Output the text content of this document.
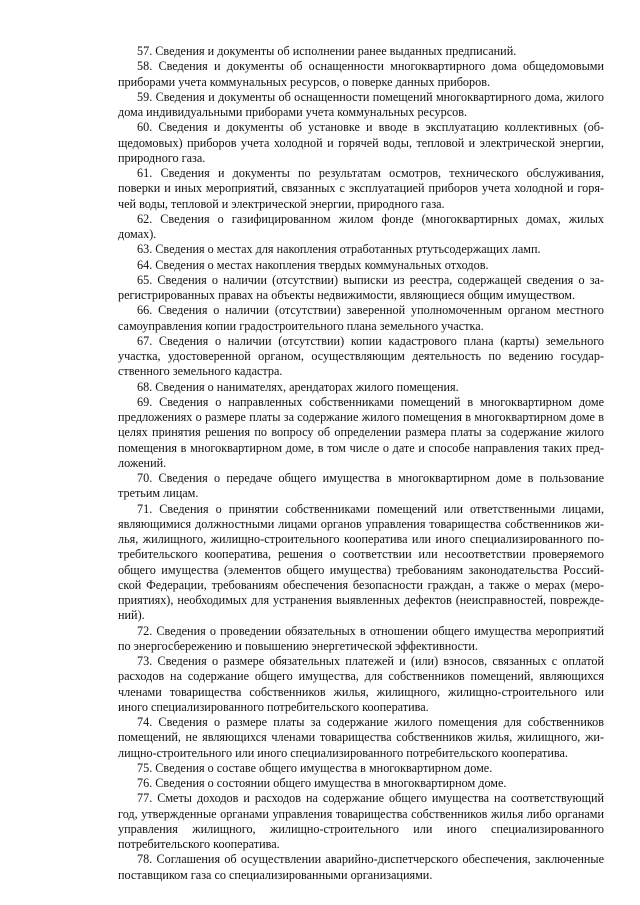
57. Сведения и документы об исполнении ранее выданных предписаний.

58. Сведения и документы об оснащенности многоквартирного дома общедомовыми приборами учета коммунальных ресурсов, о поверке данных приборов.

59. Сведения и документы об оснащенности помещений многоквартирного дома, жилого дома индивидуальными приборами учета коммунальных ресурсов.

60. Сведения и документы об установке и вводе в эксплуатацию коллективных (общедомовых) приборов учета холодной и горячей воды, тепловой и электрической энергии, природного газа.

61. Сведения и документы по результатам осмотров, технического обслуживания, поверки и иных мероприятий, связанных с эксплуатацией приборов учета холодной и горячей воды, тепловой и электрической энергии, природного газа.

62. Сведения о газифицированном жилом фонде (многоквартирных домах, жилых домах).

63. Сведения о местах для накопления отработанных ртутьсодержащих ламп.

64. Сведения о местах накопления твердых коммунальных отходов.

65. Сведения о наличии (отсутствии) выписки из реестра, содержащей сведения о зарегистрированных правах на объекты недвижимости, являющиеся общим имуществом.

66. Сведения о наличии (отсутствии) заверенной уполномоченным органом местного самоуправления копии градостроительного плана земельного участка.

67. Сведения о наличии (отсутствии) копии кадастрового плана (карты) земельного участка, удостоверенной органом, осуществляющим деятельность по ведению государственного земельного кадастра.

68. Сведения о нанимателях, арендаторах жилого помещения.

69. Сведения о направленных собственниками помещений в многоквартирном доме предложениях о размере платы за содержание жилого помещения в многоквартирном доме в целях принятия решения по вопросу об определении размера платы за содержание жилого помещения в многоквартирном доме, в том числе о дате и способе направления таких предложений.

70. Сведения о передаче общего имущества в многоквартирном доме в пользование третьим лицам.

71. Сведения о принятии собственниками помещений или ответственными лицами, являющимися должностными лицами органов управления товарищества собственников жилья, жилищного, жилищно-строительного кооператива или иного специализированного потребительского кооператива, решения о соответствии или несоответствии проверяемого общего имущества (элементов общего имущества) требованиям законодательства Российской Федерации, требованиям обеспечения безопасности граждан, а также о мерах (мероприятиях), необходимых для устранения выявленных дефектов (неисправностей, повреждений).

72. Сведения о проведении обязательных в отношении общего имущества мероприятий по энергосбережению и повышению энергетической эффективности.

73. Сведения о размере обязательных платежей и (или) взносов, связанных с оплатой расходов на содержание общего имущества, для собственников помещений, являющихся членами товарищества собственников жилья, жилищного, жилищно-строительного или иного специализированного потребительского кооператива.

74. Сведения о размере платы за содержание жилого помещения для собственников помещений, не являющихся членами товарищества собственников жилья, жилищного, жилищно-строительного или иного специализированного потребительского кооператива.

75. Сведения о составе общего имущества в многоквартирном доме.

76. Сведения о состоянии общего имущества в многоквартирном доме.

77. Сметы доходов и расходов на содержание общего имущества на соответствующий год, утвержденные органами управления товарищества собственников жилья либо органами управления жилищного, жилищно-строительного или иного специализированного потребительского кооператива.

78. Соглашения об осуществлении аварийно-диспетчерского обеспечения, заключенные поставщиком газа со специализированными организациями.
